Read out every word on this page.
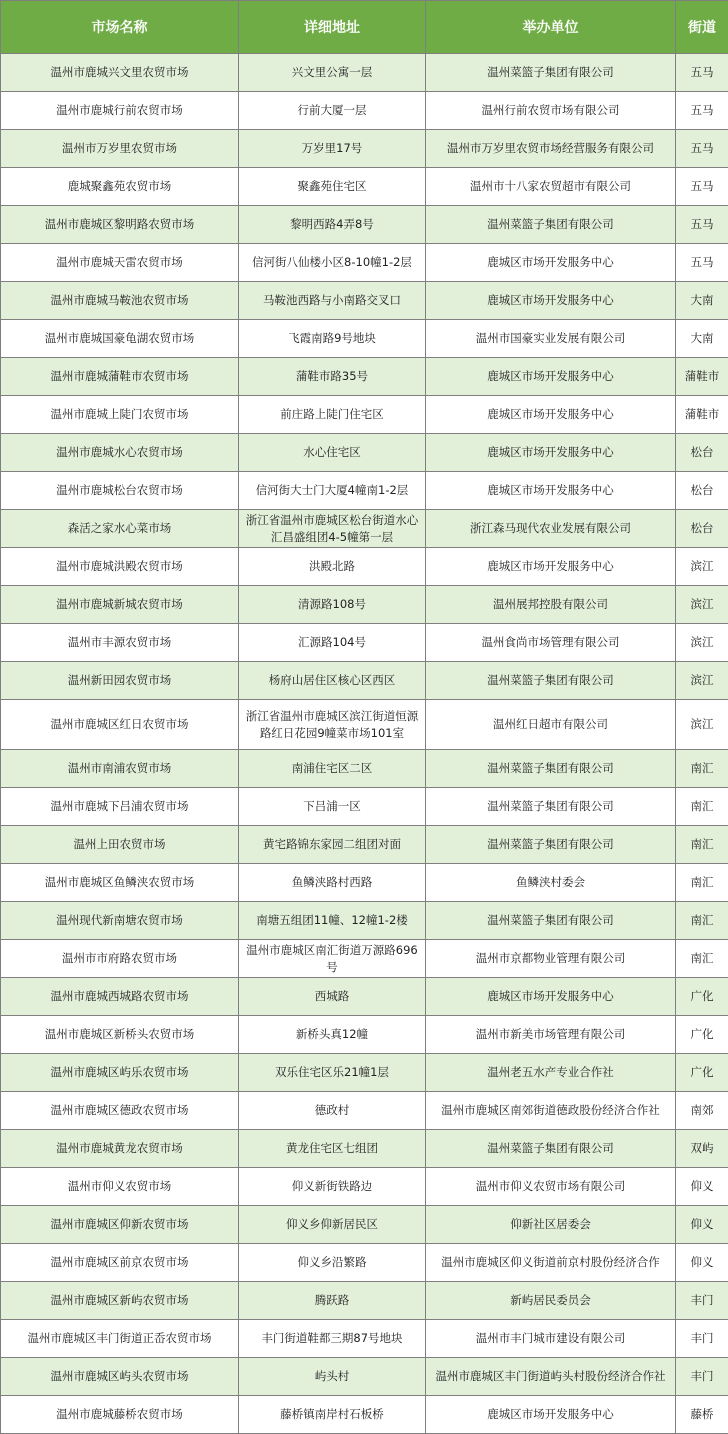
市场名称	详细地址	举办单位	街道
温州市鹿城兴文里农贸市场	兴文里公寓一层	温州菜篮子集团有限公司	五马
温州市鹿城行前农贸市场	行前大厦一层	温州行前农贸市场有限公司	五马
温州市万岁里农贸市场	万岁里17号	温州市万岁里农贸市场经营服务有限公司	五马
鹿城聚鑫苑农贸市场	聚鑫苑住宅区	温州市十八家农贸超市有限公司	五马
温州市鹿城区黎明路农贸市场	黎明西路4弄8号	温州菜篮子集团有限公司	五马
温州市鹿城天雷农贸市场	信河街八仙楼小区8-10幢1-2层	鹿城区市场开发服务中心	五马
温州市鹿城马鞍池农贸市场	马鞍池西路与小南路交叉口	鹿城区市场开发服务中心	大南
温州市鹿城国豪龟湖农贸市场	飞霞南路9号地块	温州市国豪实业发展有限公司	大南
温州市鹿城蒲鞋市农贸市场	蒲鞋市路35号	鹿城区市场开发服务中心	蒲鞋市
温州市鹿城上陡门农贸市场	前庄路上陡门住宅区	鹿城区市场开发服务中心	蒲鞋市
温州市鹿城水心农贸市场	水心住宅区	鹿城区市场开发服务中心	松台
温州市鹿城松台农贸市场	信河街大士门大厦4幢南1-2层	鹿城区市场开发服务中心	松台
森活之家水心菜市场	浙江省温州市鹿城区松台街道水心汇昌盛组团4-5幢第一层	浙江森马现代农业发展有限公司	松台
温州市鹿城洪殿农贸市场	洪殿北路	鹿城区市场开发服务中心	滨江
温州市鹿城新城农贸市场	清源路108号	温州展邦控股有限公司	滨江
温州市丰源农贸市场	汇源路104号	温州食尚市场管理有限公司	滨江
温州新田园农贸市场	杨府山居住区核心区西区	温州菜篮子集团有限公司	滨江
温州市鹿城区红日农贸市场	浙江省温州市鹿城区滨江街道恒源路红日花园9幢菜市场101室	温州红日超市有限公司	滨江
温州市南浦农贸市场	南浦住宅区二区	温州菜篮子集团有限公司	南汇
温州市鹿城下吕浦农贸市场	下吕浦一区	温州菜篮子集团有限公司	南汇
温州上田农贸市场	黄宅路锦东家园二组团对面	温州菜篮子集团有限公司	南汇
温州市鹿城区鱼鳞浃农贸市场	鱼鳞浃路村西路	鱼鳞浃村委会	南汇
温州现代新南塘农贸市场	南塘五组团11幢、12幢1-2楼	温州菜篮子集团有限公司	南汇
温州市市府路农贸市场	温州市鹿城区南汇街道万源路696号	温州市京都物业管理有限公司	南汇
温州市鹿城西城路农贸市场	西城路	鹿城区市场开发服务中心	广化
温州市鹿城区新桥头农贸市场	新桥头真12幢	温州市新美市场管理有限公司	广化
温州市鹿城区屿乐农贸市场	双乐住宅区乐21幢1层	温州老五水产专业合作社	广化
温州市鹿城区德政农贸市场	德政村	温州市鹿城区南郊街道德政股份经济合作社	南郊
温州市鹿城黄龙农贸市场	黄龙住宅区七组团	温州菜篮子集团有限公司	双屿
温州市仰义农贸市场	仰义新街铁路边	温州市仰义农贸市场有限公司	仰义
温州市鹿城区仰新农贸市场	仰义乡仰新居民区	仰新社区居委会	仰义
温州市鹿城区前京农贸市场	仰义乡沿繁路	温州市鹿城区仰义街道前京村股份经济合作	仰义
温州市鹿城区新屿农贸市场	腾跃路	新屿居民委员会	丰门
温州市鹿城区丰门街道正岙农贸市场	丰门街道鞋都三期87号地块	温州市丰门城市建设有限公司	丰门
温州市鹿城区屿头农贸市场	屿头村	温州市鹿城区丰门街道屿头村股份经济合作社	丰门
温州市鹿城藤桥农贸市场	藤桥镇南岸村石板桥	鹿城区市场开发服务中心	藤桥
